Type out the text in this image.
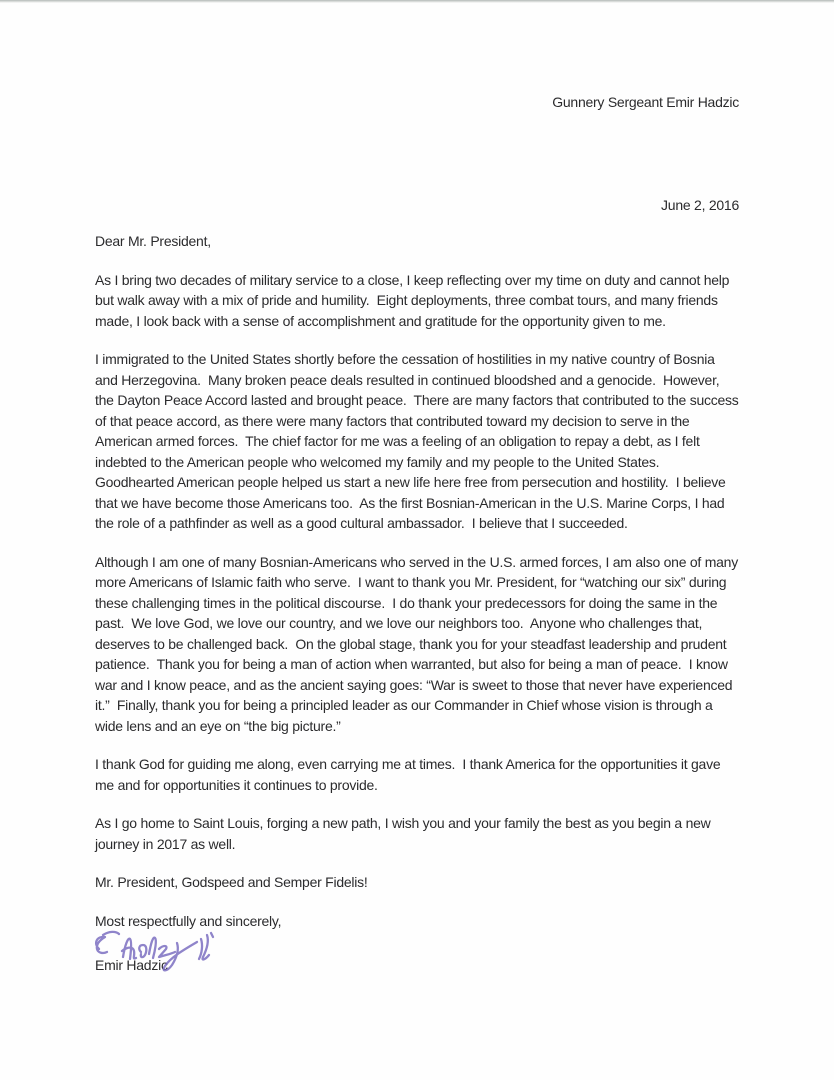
Gunnery Sergeant Emir Hadzic
June 2, 2016
Dear Mr. President,

As I bring two decades of military service to a close, I keep reflecting over my time on duty and cannot help but walk away with a mix of pride and humility.  Eight deployments, three combat tours, and many friends made, I look back with a sense of accomplishment and gratitude for the opportunity given to me.

I immigrated to the United States shortly before the cessation of hostilities in my native country of Bosnia and Herzegovina.  Many broken peace deals resulted in continued bloodshed and a genocide.  However, the Dayton Peace Accord lasted and brought peace.  There are many factors that contributed to the success of that peace accord, as there were many factors that contributed toward my decision to serve in the American armed forces.  The chief factor for me was a feeling of an obligation to repay a debt, as I felt indebted to the American people who welcomed my family and my people to the United States.  Goodhearted American people helped us start a new life here free from persecution and hostility.  I believe that we have become those Americans too.  As the first Bosnian-American in the U.S. Marine Corps, I had the role of a pathfinder as well as a good cultural ambassador.  I believe that I succeeded.

Although I am one of many Bosnian-Americans who served in the U.S. armed forces, I am also one of many more Americans of Islamic faith who serve.  I want to thank you Mr. President, for “watching our six” during these challenging times in the political discourse.  I do thank your predecessors for doing the same in the past.  We love God, we love our country, and we love our neighbors too.  Anyone who challenges that, deserves to be challenged back.  On the global stage, thank you for your steadfast leadership and prudent patience.  Thank you for being a man of action when warranted, but also for being a man of peace.  I know war and I know peace, and as the ancient saying goes: “War is sweet to those that never have experienced it.”  Finally, thank you for being a principled leader as our Commander in Chief whose vision is through a wide lens and an eye on “the big picture.”

I thank God for guiding me along, even carrying me at times.  I thank America for the opportunities it gave me and for opportunities it continues to provide.

As I go home to Saint Louis, forging a new path, I wish you and your family the best as you begin a new journey in 2017 as well.

Mr. President, Godspeed and Semper Fidelis!

Most respectfully and sincerely,

Emir Hadzic
